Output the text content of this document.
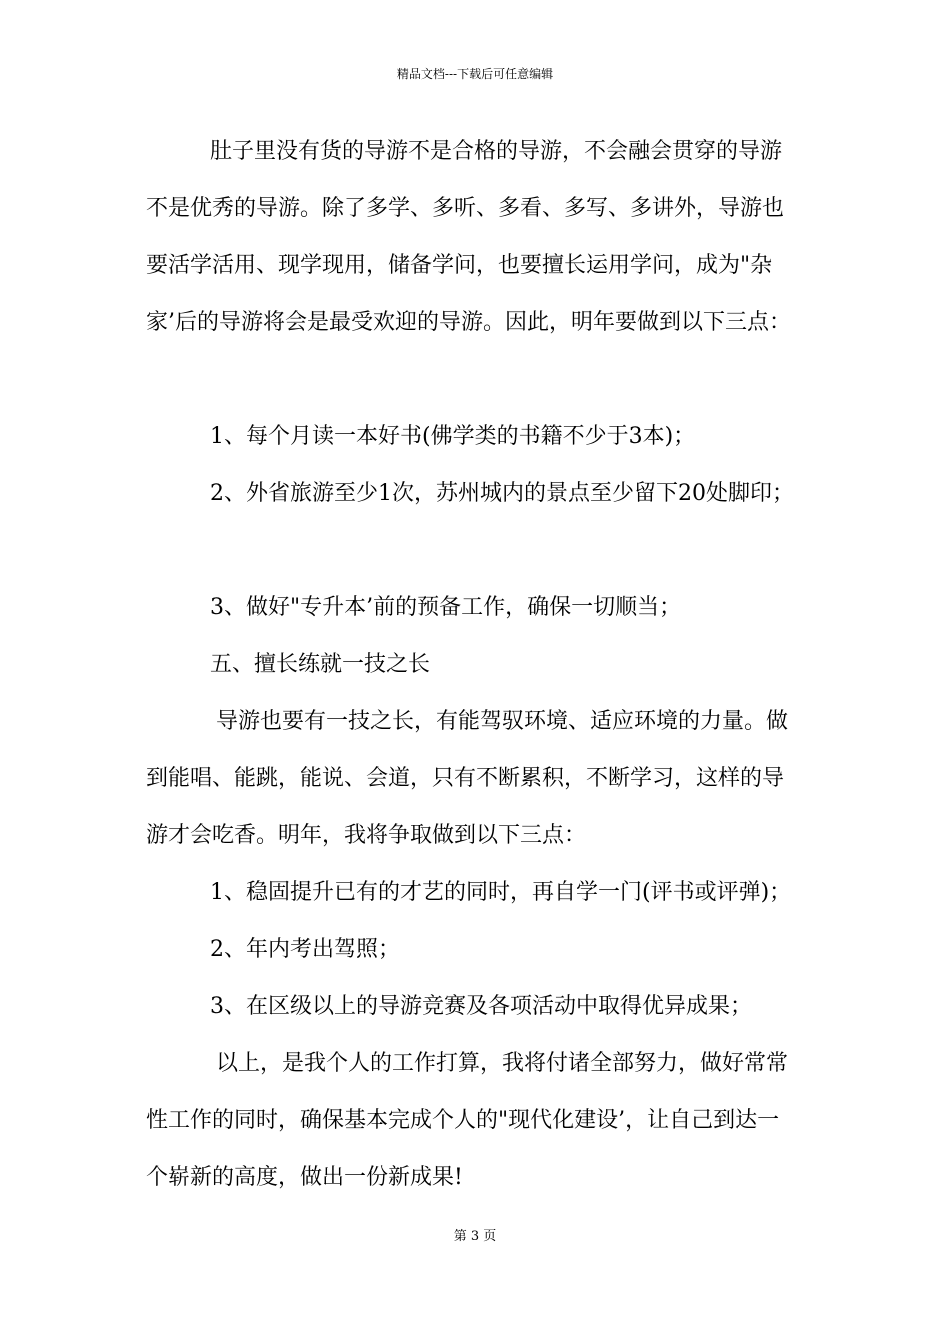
精品文档---下载后可任意编辑
肚子里没有货的导游不是合格的导游，不会融会贯穿的导游
不是优秀的导游。除了多学、多听、多看、多写、多讲外，导游也
要活学活用、现学现用，储备学问，也要擅长运用学问，成为"杂
家’后的导游将会是最受欢迎的导游。因此，明年要做到以下三点：
1、每个月读一本好书(佛学类的书籍不少于3本)；
2、外省旅游至少1次，苏州城内的景点至少留下20处脚印；
3、做好"专升本’前的预备工作，确保一切顺当；
五、擅长练就一技之长
导游也要有一技之长，有能驾驭环境、适应环境的力量。做
到能唱、能跳，能说、会道，只有不断累积，不断学习，这样的导
游才会吃香。明年，我将争取做到以下三点：
1、稳固提升已有的才艺的同时，再自学一门(评书或评弹)；
2、年内考出驾照；
3、在区级以上的导游竞赛及各项活动中取得优异成果；
以上，是我个人的工作打算，我将付诸全部努力，做好常常
性工作的同时，确保基本完成个人的"现代化建设’，让自己到达一
个崭新的高度，做出一份新成果!
第 3 页
